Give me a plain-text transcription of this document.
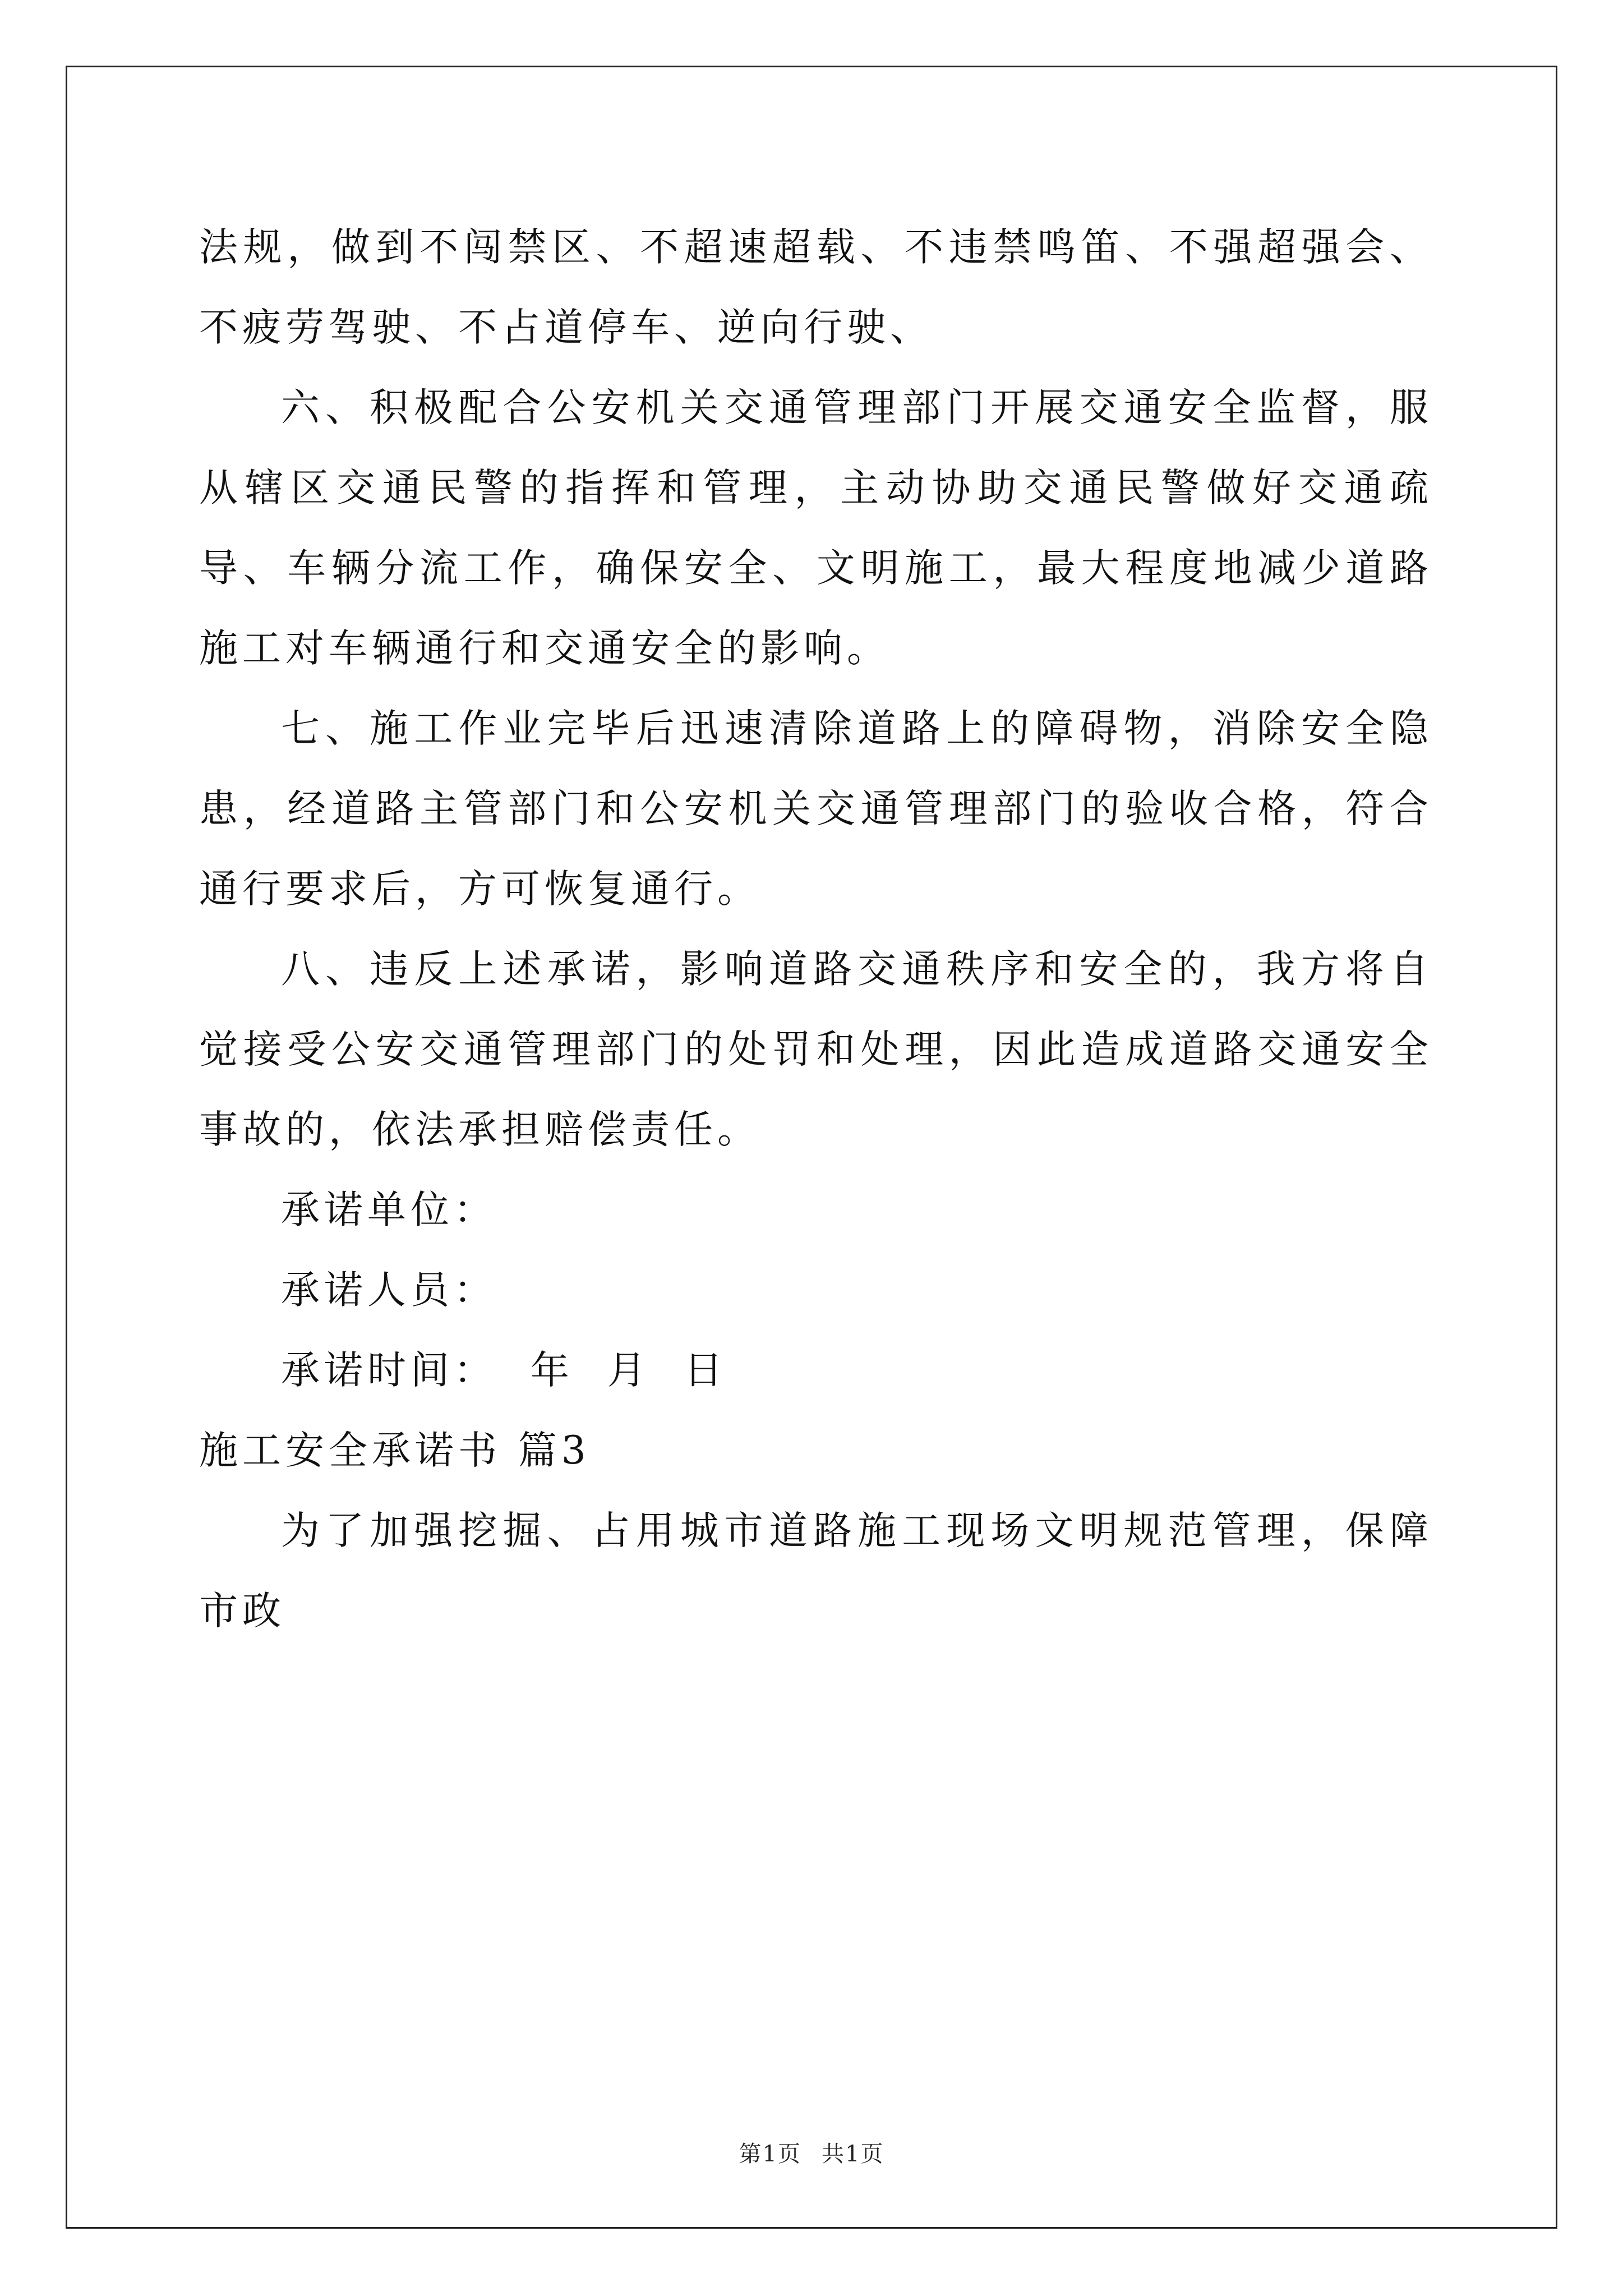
法规，做到不闯禁区、不超速超载、不违禁鸣笛、不强超强会、不疲劳驾驶、不占道停车、逆向行驶、

六、积极配合公安机关交通管理部门开展交通安全监督，服从辖区交通民警的指挥和管理，主动协助交通民警做好交通疏导、车辆分流工作，确保安全、文明施工，最大程度地减少道路施工对车辆通行和交通安全的影响。

七、施工作业完毕后迅速清除道路上的障碍物，消除安全隐患，经道路主管部门和公安机关交通管理部门的验收合格，符合通行要求后，方可恢复通行。

八、违反上述承诺，影响道路交通秩序和安全的，我方将自觉接受公安交通管理部门的处罚和处理，因此造成道路交通安全事故的，依法承担赔偿责任。

承诺单位：

承诺人员：

承诺时间：  年  月  日

施工安全承诺书 篇3

为了加强挖掘、占用城市道路施工现场文明规范管理，保障市政

第1页 共1页
